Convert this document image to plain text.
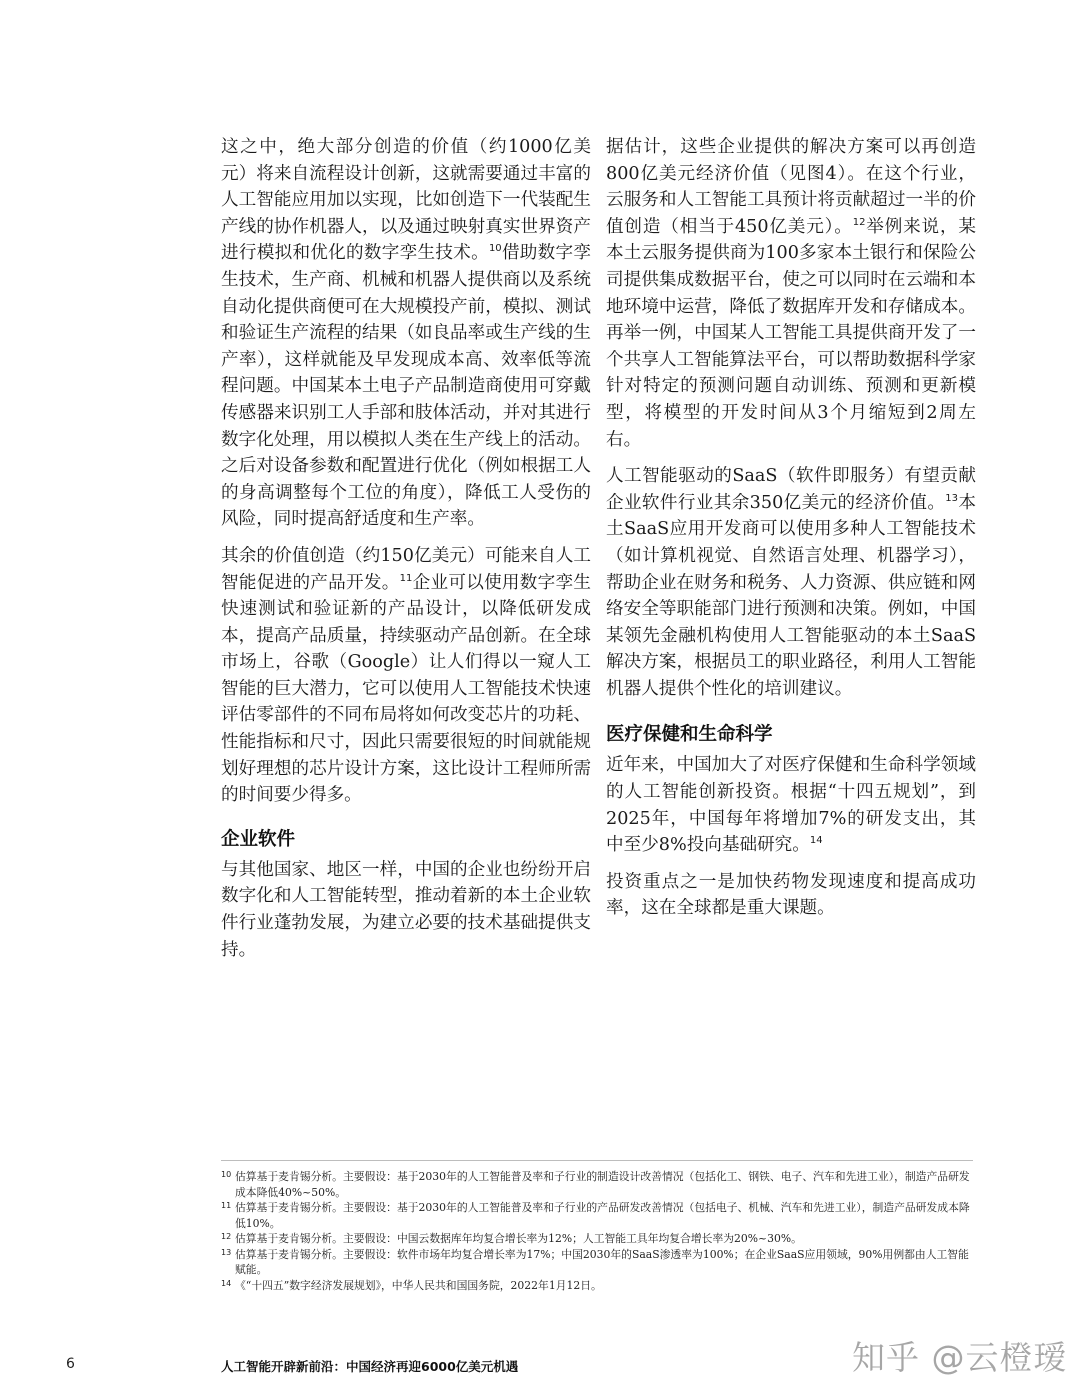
这之中，绝大部分创造的价值（约1000亿美元）将来自流程设计创新，这就需要通过丰富的人工智能应用加以实现，比如创造下一代装配生产线的协作机器人，以及通过映射真实世界资产进行模拟和优化的数字孪生技术。$^{10}$借助数字孪生技术，生产商、机械和机器人提供商以及系统自动化提供商便可在大规模投产前，模拟、测试和验证生产流程的结果（如良品率或生产线的生产率），这样就能及早发现成本高、效率低等流程问题。中国某本土电子产品制造商使用可穿戴传感器来识别工人手部和肢体活动，并对其进行数字化处理，用以模拟人类在生产线上的活动。之后对设备参数和配置进行优化（例如根据工人的身高调整每个工位的角度），降低工人受伤的风险，同时提高舒适度和生产率。

其余的价值创造（约150亿美元）可能来自人工智能促进的产品开发。$^{11}$企业可以使用数字孪生快速测试和验证新的产品设计，以降低研发成本，提高产品质量，持续驱动产品创新。在全球市场上，谷歌（Google）让人们得以一窥人工智能的巨大潜力，它可以使用人工智能技术快速评估零部件的不同布局将如何改变芯片的功耗、性能指标和尺寸，因此只需要很短的时间就能规划好理想的芯片设计方案，这比设计工程师所需的时间要少得多。

企业软件

与其他国家、地区一样，中国的企业也纷纷开启数字化和人工智能转型，推动着新的本土企业软件行业蓬勃发展，为建立必要的技术基础提供支持。

据估计，这些企业提供的解决方案可以再创造800亿美元经济价值（见图4）。在这个行业，云服务和人工智能工具预计将贡献超过一半的价值创造（相当于450亿美元）。$^{12}$举例来说，某本土云服务提供商为100多家本土银行和保险公司提供集成数据平台，使之可以同时在云端和本地环境中运营，降低了数据库开发和存储成本。再举一例，中国某人工智能工具提供商开发了一个共享人工智能算法平台，可以帮助数据科学家针对特定的预测问题自动训练、预测和更新模型，将模型的开发时间从3个月缩短到2周左右。

人工智能驱动的SaaS（软件即服务）有望贡献企业软件行业其余350亿美元的经济价值。$^{13}$本土SaaS应用开发商可以使用多种人工智能技术（如计算机视觉、自然语言处理、机器学习），帮助企业在财务和税务、人力资源、供应链和网络安全等职能部门进行预测和决策。例如，中国某领先金融机构使用人工智能驱动的本土SaaS解决方案，根据员工的职业路径，利用人工智能机器人提供个性化的培训建议。

医疗保健和生命科学

近年来，中国加大了对医疗保健和生命科学领域的人工智能创新投资。根据“十四五规划”，到2025年，中国每年将增加7%的研发支出，其中至少8%投向基础研究。$^{14}$

投资重点之一是加快药物发现速度和提高成功率，这在全球都是重大课题。

10 估算基于麦肯锡分析。主要假设：基于2030年的人工智能普及率和子行业的制造设计改善情况（包括化工、钢铁、电子、汽车和先进工业），制造产品研发成本降低40%~50%。
11 估算基于麦肯锡分析。主要假设：基于2030年的人工智能普及率和子行业的产品研发改善情况（包括电子、机械、汽车和先进工业），制造产品研发成本降低10%。
12 估算基于麦肯锡分析。主要假设：中国云数据库年均复合增长率为12%；人工智能工具年均复合增长率为20%~30%。
13 估算基于麦肯锡分析。主要假设：软件市场年均复合增长率为17%；中国2030年的SaaS渗透率为100%；在企业SaaS应用领域，90%用例都由人工智能赋能。
14 《“十四五”数字经济发展规划》，中华人民共和国国务院，2022年1月12日。
6	人工智能开辟新前沿：中国经济再迎6000亿美元机遇	知乎 @云橙瑷
